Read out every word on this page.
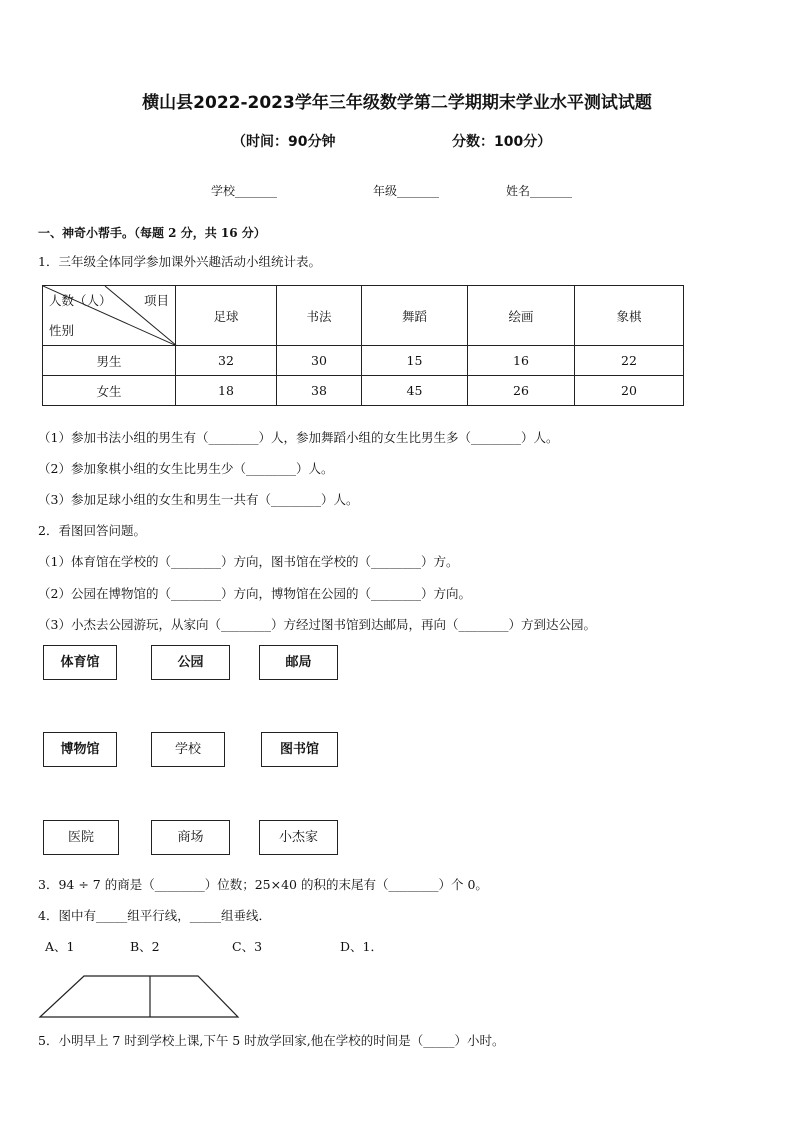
横山县2022-2023学年三年级数学第二学期期末学业水平测试试题
（时间：90分钟	分数：100分）
学校_______	年级_______	姓名_______
一、神奇小帮手。（每题 2 分，共 16 分）
1．三年级全体同学参加课外兴趣活动小组统计表。
人数（人） 项目
性别	足球	书法	舞蹈	绘画	象棋
男生	32	30	15	16	22
女生	18	38	45	26	20
（1）参加书法小组的男生有（________）人，参加舞蹈小组的女生比男生多（________）人。
（2）参加象棋小组的女生比男生少（________）人。
（3）参加足球小组的女生和男生一共有（________）人。
2．看图回答问题。
（1）体育馆在学校的（________）方向，图书馆在学校的（________）方。
（2）公园在博物馆的（________）方向，博物馆在公园的（________）方向。
（3）小杰去公园游玩，从家向（________）方经过图书馆到达邮局，再向（________）方到达公园。
体育馆	公园	邮局
博物馆	学校	图书馆
医院	商场	小杰家
3．94 ÷ 7 的商是（________）位数；25×40 的积的末尾有（________）个 0。
4．图中有_____组平行线，_____组垂线．
A、1	B、2	C、3	D、1．
5．小明早上 7 时到学校上课,下午 5 时放学回家,他在学校的时间是（_____）小时。
